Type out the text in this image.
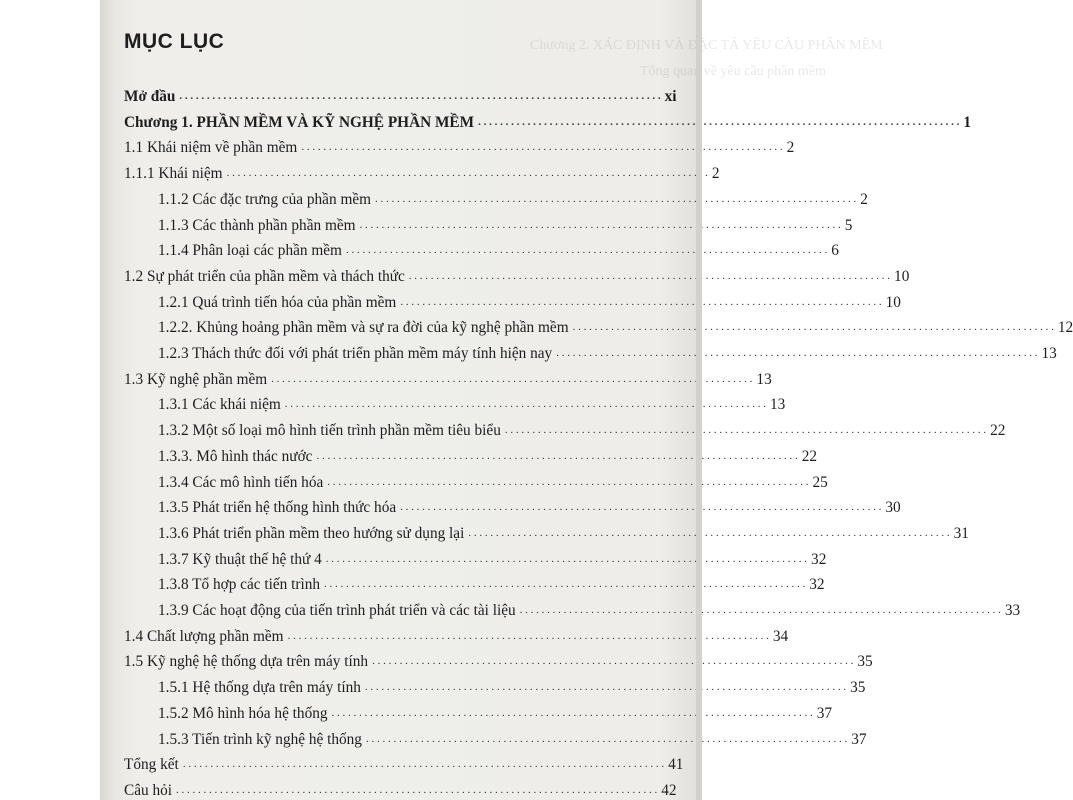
Chương 2. XÁC ĐỊNH VÀ ĐẶC TẢ YÊU CẦU PHẦN MỀM
Tổng quan về yêu cầu phần mềm
MỤC LỤC
Mở đầu . . .	xi
Chương 1. PHẦN MỀM VÀ KỸ NGHỆ PHẦN MỀM . . .	1
1.1 Khái niệm về phần mềm . . .	2
1.1.1 Khái niệm . . .	2
1.1.2 Các đặc trưng của phần mềm . . .	2
1.1.3 Các thành phần phần mềm . . .	5
1.1.4 Phân loại các phần mềm . . .	6
1.2 Sự phát triển của phần mềm và thách thức . . .	10
1.2.1 Quá trình tiến hóa của phần mềm . . .	10
1.2.2. Khủng hoảng phần mềm và sự ra đời của kỹ nghệ phần mềm . . .	12
1.2.3 Thách thức đối với phát triển phần mềm máy tính hiện nay . . .	13
1.3 Kỹ nghệ phần mềm . . .	13
1.3.1 Các khái niệm . . .	13
1.3.2 Một số loại mô hình tiến trình phần mềm tiêu biểu . . .	22
1.3.3. Mô hình thác nước . . .	22
1.3.4 Các mô hình tiến hóa . . .	25
1.3.5 Phát triển hệ thống hình thức hóa . . .	30
1.3.6 Phát triển phần mềm theo hướng sử dụng lại . . .	31
1.3.7 Kỹ thuật thế hệ thứ 4 . . .	32
1.3.8 Tổ hợp các tiến trình . . .	32
1.3.9 Các hoạt động của tiến trình phát triển và các tài liệu . . .	33
1.4 Chất lượng phần mềm . . .	34
1.5 Kỹ nghệ hệ thống dựa trên máy tính . . .	35
1.5.1 Hệ thống dựa trên máy tính . . .	35
1.5.2 Mô hình hóa hệ thống . . .	37
1.5.3 Tiến trình kỹ nghệ hệ thống . . .	37
Tổng kết . . .	41
Câu hỏi . . .	42
